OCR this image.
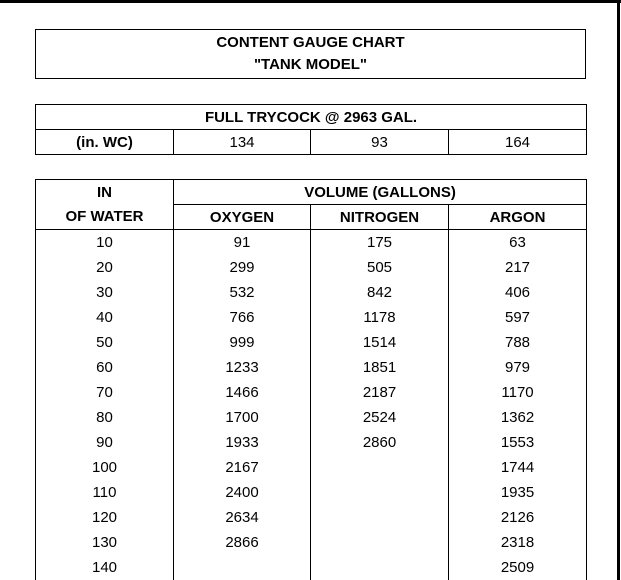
CONTENT GAUGE CHART
"TANK MODEL"
FULL TRYCOCK @ 2963 GAL.
(in. WC)	134	93	164
IN	VOLUME (GALLONS)		
OF WATER	OXYGEN	NITROGEN	ARGON
10	91	175	63
20	299	505	217
30	532	842	406
40	766	1178	597
50	999	1514	788
60	1233	1851	979
70	1466	2187	1170
80	1700	2524	1362
90	1933	2860	1553
100	2167		1744
110	2400		1935
120	2634		2126
130	2866		2318
140			2509
